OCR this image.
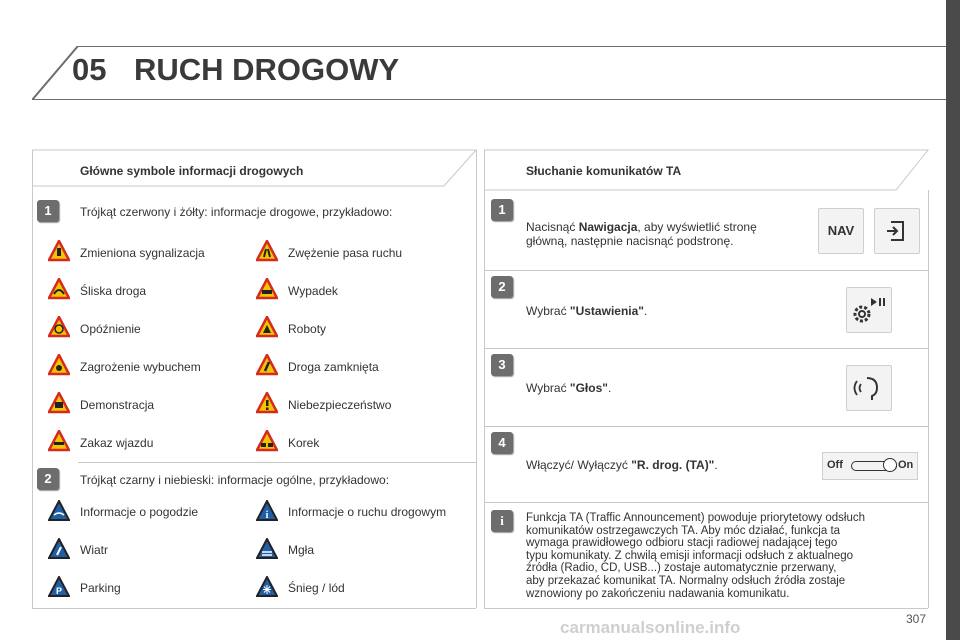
05 RUCH DROGOWY
Główne symbole informacji drogowych
1	Trójkąt czerwony i żółty: informacje drogowe, przykładowo:
Zmieniona sygnalizacja	Zwężenie pasa ruchu
Śliska droga	Wypadek
Opóźnienie	Roboty
Zagrożenie wybuchem	Droga zamknięta
Demonstracja	Niebezpieczeństwo
Zakaz wjazdu	Korek
2	Trójkąt czarny i niebieski: informacje ogólne, przykładowo:
P
i
Informacje o pogodzie	Informacje o ruchu drogowym
Wiatr	Mgła
Parking	Śnieg / lód
Słuchanie komunikatów TA
1
Nacisnąć Nawigacja, aby wyświetlić stronę
główną, następnie nacisnąć podstronę.
NAV
2
Wybrać "Ustawienia".
3
Wybrać "Głos".
4
Włączyć/ Wyłączyć "R. drog. (TA)".	Off	On
i	Funkcja TA (Traffic Announcement) powoduje priorytetowy odsłuch
komunikatów ostrzegawczych TA. Aby móc działać, funkcja ta
wymaga prawidłowego odbioru stacji radiowej nadającej tego
typu komunikaty. Z chwilą emisji informacji odsłuch z aktualnego
źródła (Radio, CD, USB...) zostaje automatycznie przerwany,
aby przekazać komunikat TA. Normalny odsłuch źródła zostaje
wznowiony po zakończeniu nadawania komunikatu.
carmanualsonline.info	307
